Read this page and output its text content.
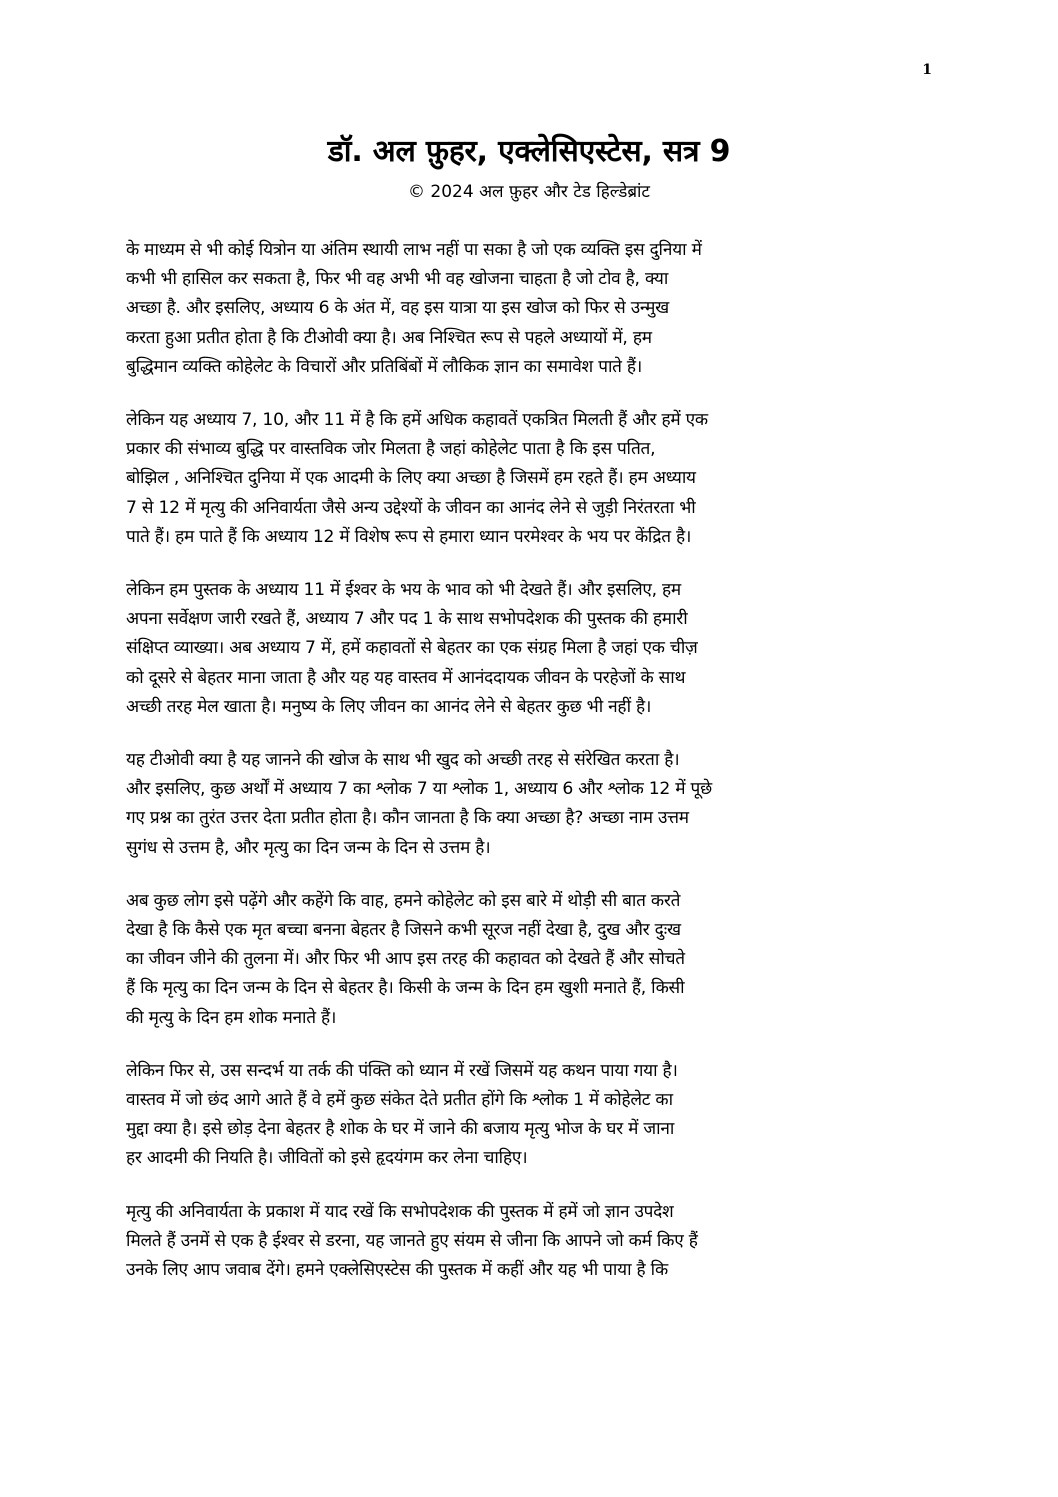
1
डॉ. अल फ़ुहर, एक्लेसिएस्टेस, सत्र 9
© 2024 अल फ़ुहर और टेड हिल्डेब्रांट

के माध्यम से भी कोई यित्रोन या अंतिम स्थायी लाभ नहीं पा सका है जो एक व्यक्ति इस दुनिया में
कभी भी हासिल कर सकता है, फिर भी वह अभी भी वह खोजना चाहता है जो टोव है, क्या
अच्छा है. और इसलिए, अध्याय 6 के अंत में, वह इस यात्रा या इस खोज को फिर से उन्मुख
करता हुआ प्रतीत होता है कि टीओवी क्या है। अब निश्चित रूप से पहले अध्यायों में, हम
बुद्धिमान व्यक्ति कोहेलेट के विचारों और प्रतिबिंबों में लौकिक ज्ञान का समावेश पाते हैं।

लेकिन यह अध्याय 7, 10, और 11 में है कि हमें अधिक कहावतें एकत्रित मिलती हैं और हमें एक
प्रकार की संभाव्य बुद्धि पर वास्तविक जोर मिलता है जहां कोहेलेट पाता है कि इस पतित,
बोझिल , अनिश्चित दुनिया में एक आदमी के लिए क्या अच्छा है जिसमें हम रहते हैं। हम अध्याय
7 से 12 में मृत्यु की अनिवार्यता जैसे अन्य उद्देश्यों के जीवन का आनंद लेने से जुड़ी निरंतरता भी
पाते हैं। हम पाते हैं कि अध्याय 12 में विशेष रूप से हमारा ध्यान परमेश्वर के भय पर केंद्रित है।

लेकिन हम पुस्तक के अध्याय 11 में ईश्वर के भय के भाव को भी देखते हैं। और इसलिए, हम
अपना सर्वेक्षण जारी रखते हैं, अध्याय 7 और पद 1 के साथ सभोपदेशक की पुस्तक की हमारी
संक्षिप्त व्याख्या। अब अध्याय 7 में, हमें कहावतों से बेहतर का एक संग्रह मिला है जहां एक चीज़
को दूसरे से बेहतर माना जाता है और यह यह वास्तव में आनंददायक जीवन के परहेजों के साथ
अच्छी तरह मेल खाता है। मनुष्य के लिए जीवन का आनंद लेने से बेहतर कुछ भी नहीं है।

यह टीओवी क्या है यह जानने की खोज के साथ भी खुद को अच्छी तरह से संरेखित करता है।
और इसलिए, कुछ अर्थों में अध्याय 7 का श्लोक 7 या श्लोक 1, अध्याय 6 और श्लोक 12 में पूछे
गए प्रश्न का तुरंत उत्तर देता प्रतीत होता है। कौन जानता है कि क्या अच्छा है? अच्छा नाम उत्तम
सुगंध से उत्तम है, और मृत्यु का दिन जन्म के दिन से उत्तम है।

अब कुछ लोग इसे पढ़ेंगे और कहेंगे कि वाह, हमने कोहेलेट को इस बारे में थोड़ी सी बात करते
देखा है कि कैसे एक मृत बच्चा बनना बेहतर है जिसने कभी सूरज नहीं देखा है, दुख और दुःख
का जीवन जीने की तुलना में। और फिर भी आप इस तरह की कहावत को देखते हैं और सोचते
हैं कि मृत्यु का दिन जन्म के दिन से बेहतर है। किसी के जन्म के दिन हम खुशी मनाते हैं, किसी
की मृत्यु के दिन हम शोक मनाते हैं।

लेकिन फिर से, उस सन्दर्भ या तर्क की पंक्ति को ध्यान में रखें जिसमें यह कथन पाया गया है।
वास्तव में जो छंद आगे आते हैं वे हमें कुछ संकेत देते प्रतीत होंगे कि श्लोक 1 में कोहेलेट का
मुद्दा क्या है। इसे छोड़ देना बेहतर है शोक के घर में जाने की बजाय मृत्यु भोज के घर में जाना
हर आदमी की नियति है। जीवितों को इसे हृदयंगम कर लेना चाहिए।

मृत्यु की अनिवार्यता के प्रकाश में याद रखें कि सभोपदेशक की पुस्तक में हमें जो ज्ञान उपदेश
मिलते हैं उनमें से एक है ईश्वर से डरना, यह जानते हुए संयम से जीना कि आपने जो कर्म किए हैं
उनके लिए आप जवाब देंगे। हमने एक्लेसिएस्टेस की पुस्तक में कहीं और यह भी पाया है कि
